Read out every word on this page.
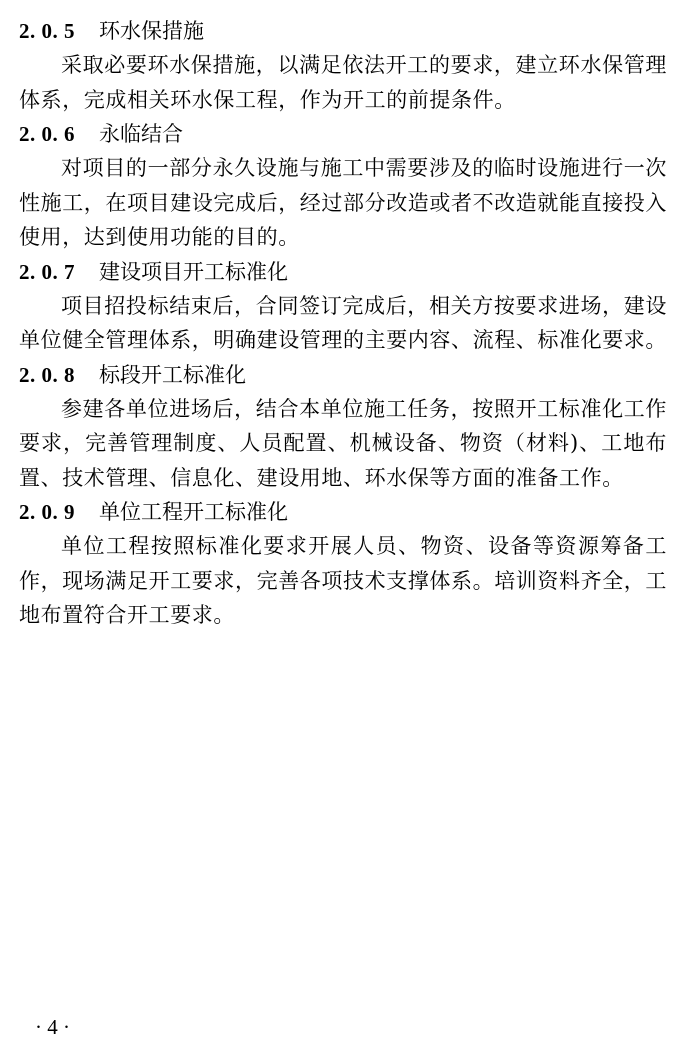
2. 0. 5 环水保措施

采取必要环水保措施，以满足依法开工的要求，建立环水保管理体系，完成相关环水保工程，作为开工的前提条件。

2. 0. 6 永临结合

对项目的一部分永久设施与施工中需要涉及的临时设施进行一次性施工，在项目建设完成后，经过部分改造或者不改造就能直接投入使用，达到使用功能的目的。

2. 0. 7 建设项目开工标准化

项目招投标结束后，合同签订完成后，相关方按要求进场，建设单位健全管理体系，明确建设管理的主要内容、流程、标准化要求。

2. 0. 8 标段开工标准化

参建各单位进场后，结合本单位施工任务，按照开工标准化工作要求，完善管理制度、人员配置、机械设备、物资（材料)、工地布置、技术管理、信息化、建设用地、环水保等方面的准备工作。

2. 0. 9 单位工程开工标准化

单位工程按照标准化要求开展人员、物资、设备等资源筹备工作，现场满足开工要求，完善各项技术支撑体系。培训资料齐全，工地布置符合开工要求。

· 4 ·
